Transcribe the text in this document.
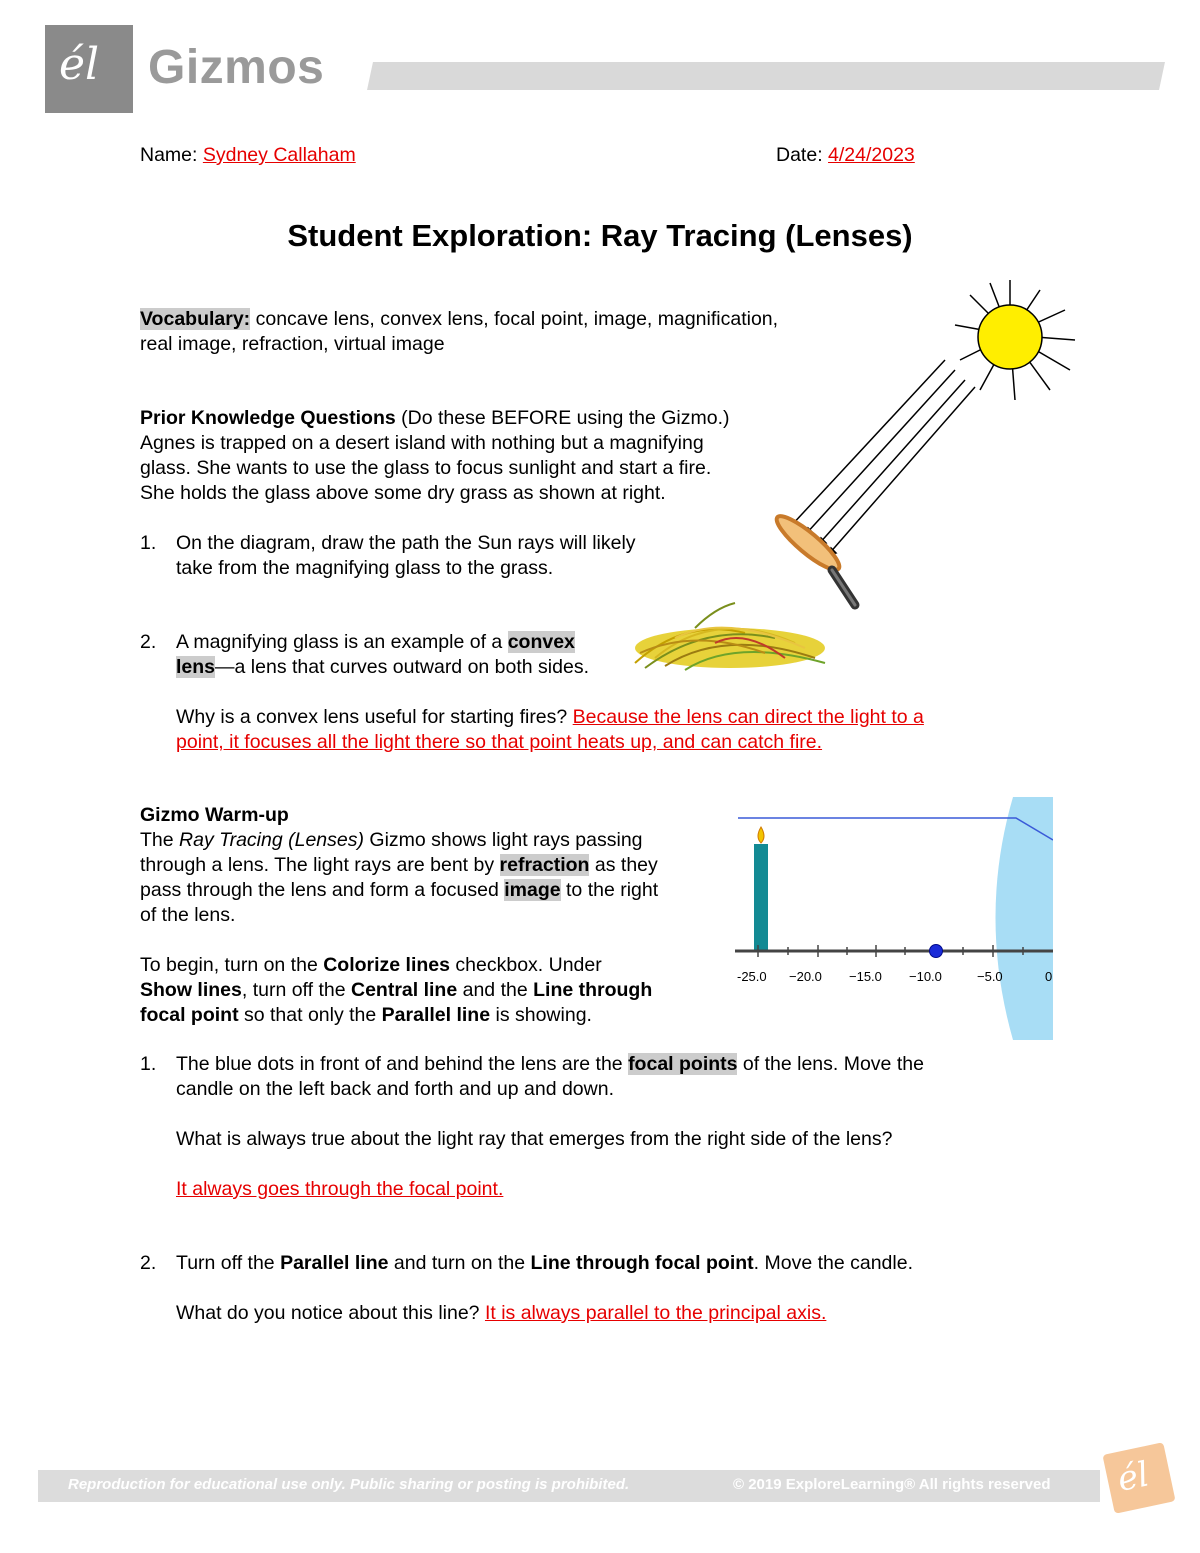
él Gizmos
Name: Sydney Callaham	Date: 4/24/2023
Student Exploration: Ray Tracing (Lenses)
Vocabulary: concave lens, convex lens, focal point, image, magnification,
real image, refraction, virtual image
Prior Knowledge Questions (Do these BEFORE using the Gizmo.)
Agnes is trapped on a desert island with nothing but a magnifying
glass. She wants to use the glass to focus sunlight and start a fire.
She holds the glass above some dry grass as shown at right.
1. On the diagram, draw the path the Sun rays will likely
take from the magnifying glass to the grass.
2. A magnifying glass is an example of a convex
lens—a lens that curves outward on both sides.
Why is a convex lens useful for starting fires? Because the lens can direct the light to a
point, it focuses all the light there so that point heats up, and can catch fire.
Gizmo Warm-up
The Ray Tracing (Lenses) Gizmo shows light rays passing
through a lens. The light rays are bent by refraction as they
pass through the lens and form a focused image to the right
of the lens.
To begin, turn on the Colorize lines checkbox. Under
Show lines, turn off the Central line and the Line through
focal point so that only the Parallel line is showing.
-25.0 −20.0 −15.0 −10.0	−5.0	0
1. The blue dots in front of and behind the lens are the focal points of the lens. Move the
candle on the left back and forth and up and down.
What is always true about the light ray that emerges from the right side of the lens?
It always goes through the focal point.
2. Turn off the Parallel line and turn on the Line through focal point. Move the candle.
What do you notice about this line? It is always parallel to the principal axis.
Reproduction for educational use only. Public sharing or posting is prohibited.	© 2019 ExploreLearning® All rights reserved él
